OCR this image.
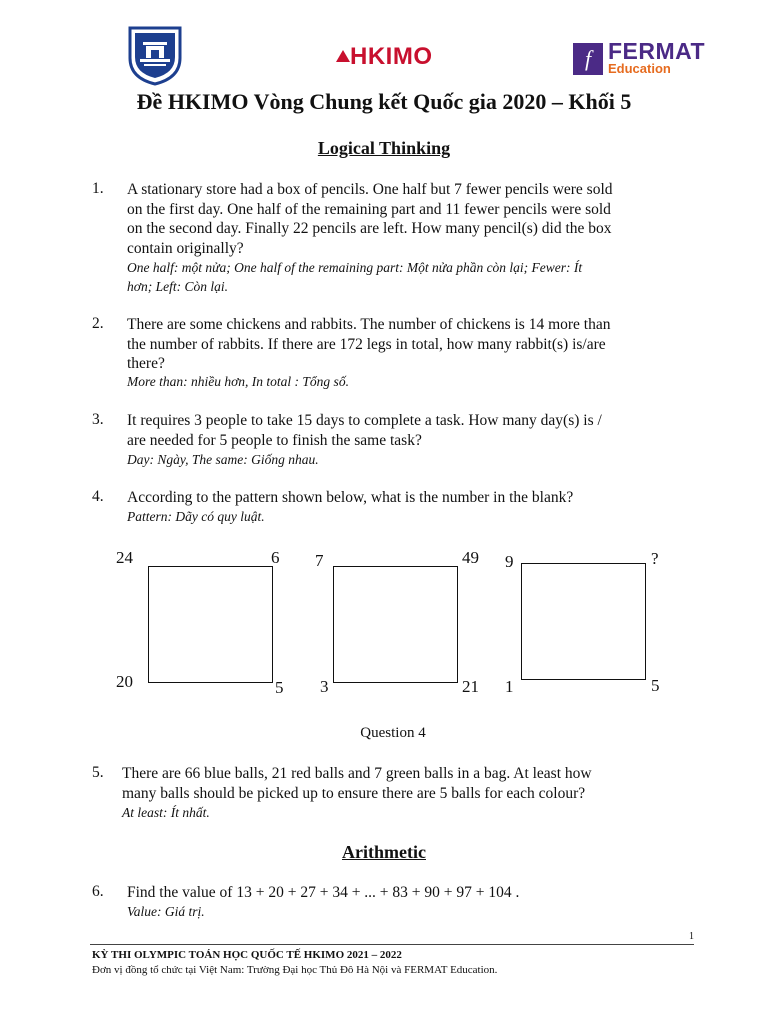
HKIMO	f FERMAT
Education
Đề HKIMO Vòng Chung kết Quốc gia 2020 – Khối 5
Logical Thinking
1. A stationary store had a box of pencils. One half but 7 fewer pencils were sold
on the first day. One half of the remaining part and 11 fewer pencils were sold
on the second day. Finally 22 pencils are left. How many pencil(s) did the box
contain originally?
One half: một nửa; One half of the remaining part: Một nửa phần còn lại; Fewer: Ít
hơn; Left: Còn lại.
2. There are some chickens and rabbits. The number of chickens is 14 more than
the number of rabbits. If there are 172 legs in total, how many rabbit(s) is/are
there?
More than: nhiều hơn, In total : Tổng số.
3. It requires 3 people to take 15 days to complete a task. How many day(s) is /
are needed for 5 people to finish the same task?
Day: Ngày, The same: Giống nhau.
4. According to the pattern shown below, what is the number in the blank?
Pattern: Dãy có quy luật.
24	6
20	5
7	49
3	21
9	?
1	5
Question 4
5. There are 66 blue balls, 21 red balls and 7 green balls in a bag. At least how
many balls should be picked up to ensure there are 5 balls for each colour?
At least: Ít nhất.
Arithmetic
6. Find the value of 13 + 20 + 27 + 34 + ... + 83 + 90 + 97 + 104 .
Value: Giá trị.
1
KỲ THI OLYMPIC TOÁN HỌC QUỐC TẾ HKIMO 2021 – 2022
Đơn vị đồng tổ chức tại Việt Nam: Trường Đại học Thủ Đô Hà Nội và FERMAT Education.
